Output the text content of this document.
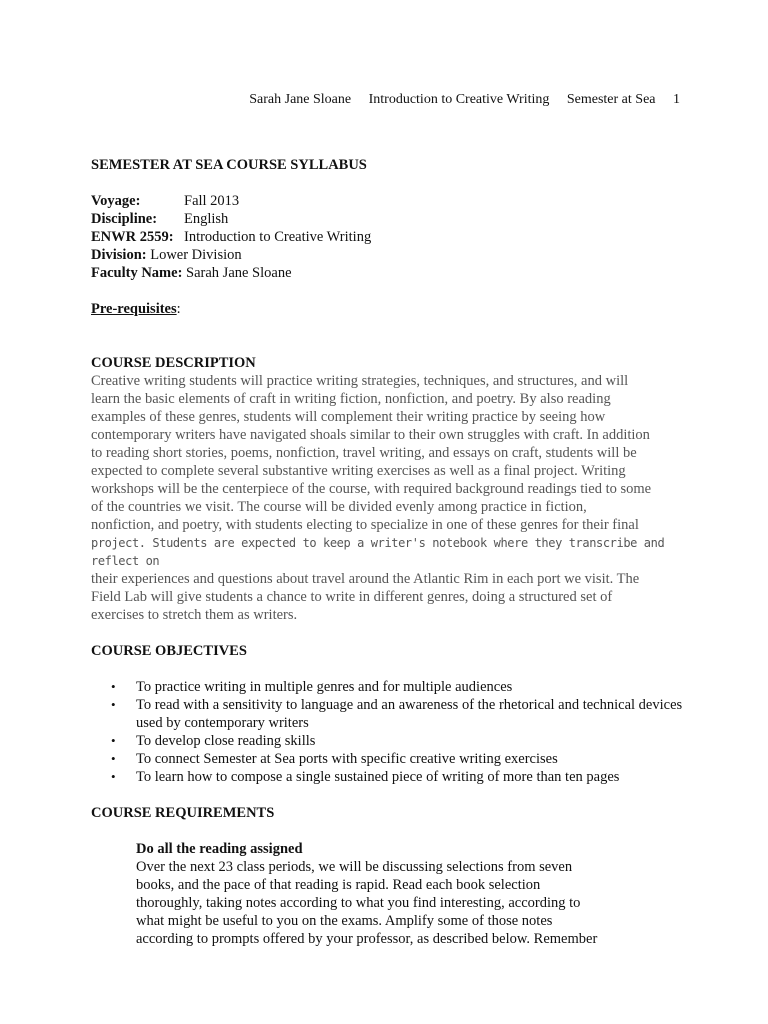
Sarah Jane Sloane Introduction to Creative Writing Semester at Sea 1
SEMESTER AT SEA COURSE SYLLABUS
Voyage:	Fall 2013
Discipline:	English
ENWR 2559: Introduction to Creative Writing
Division: Lower Division
Faculty Name: Sarah Jane Sloane
Pre-requisites:
COURSE DESCRIPTION
Creative writing students will practice writing strategies, techniques, and structures, and will
learn the basic elements of craft in writing fiction, nonfiction, and poetry. By also reading
examples of these genres, students will complement their writing practice by seeing how
contemporary writers have navigated shoals similar to their own struggles with craft. In addition
to reading short stories, poems, nonfiction, travel writing, and essays on craft, students will be
expected to complete several substantive writing exercises as well as a final project. Writing
workshops will be the centerpiece of the course, with required background readings tied to some
of the countries we visit. The course will be divided evenly among practice in fiction,
nonfiction, and poetry, with students electing to specialize in one of these genres for their final
project. Students are expected to keep a writer's notebook where they transcribe and reflect on
their experiences and questions about travel around the Atlantic Rim in each port we visit. The
Field Lab will give students a chance to write in different genres, doing a structured set of
exercises to stretch them as writers.
COURSE OBJECTIVES
• To practice writing in multiple genres and for multiple audiences
• To read with a sensitivity to language and an awareness of the rhetorical and technical devices used by contemporary writers
• To develop close reading skills
• To connect Semester at Sea ports with specific creative writing exercises
• To learn how to compose a single sustained piece of writing of more than ten pages
COURSE REQUIREMENTS
Do all the reading assigned
Over the next 23 class periods, we will be discussing selections from seven
books, and the pace of that reading is rapid. Read each book selection
thoroughly, taking notes according to what you find interesting, according to
what might be useful to you on the exams. Amplify some of those notes
according to prompts offered by your professor, as described below. Remember
